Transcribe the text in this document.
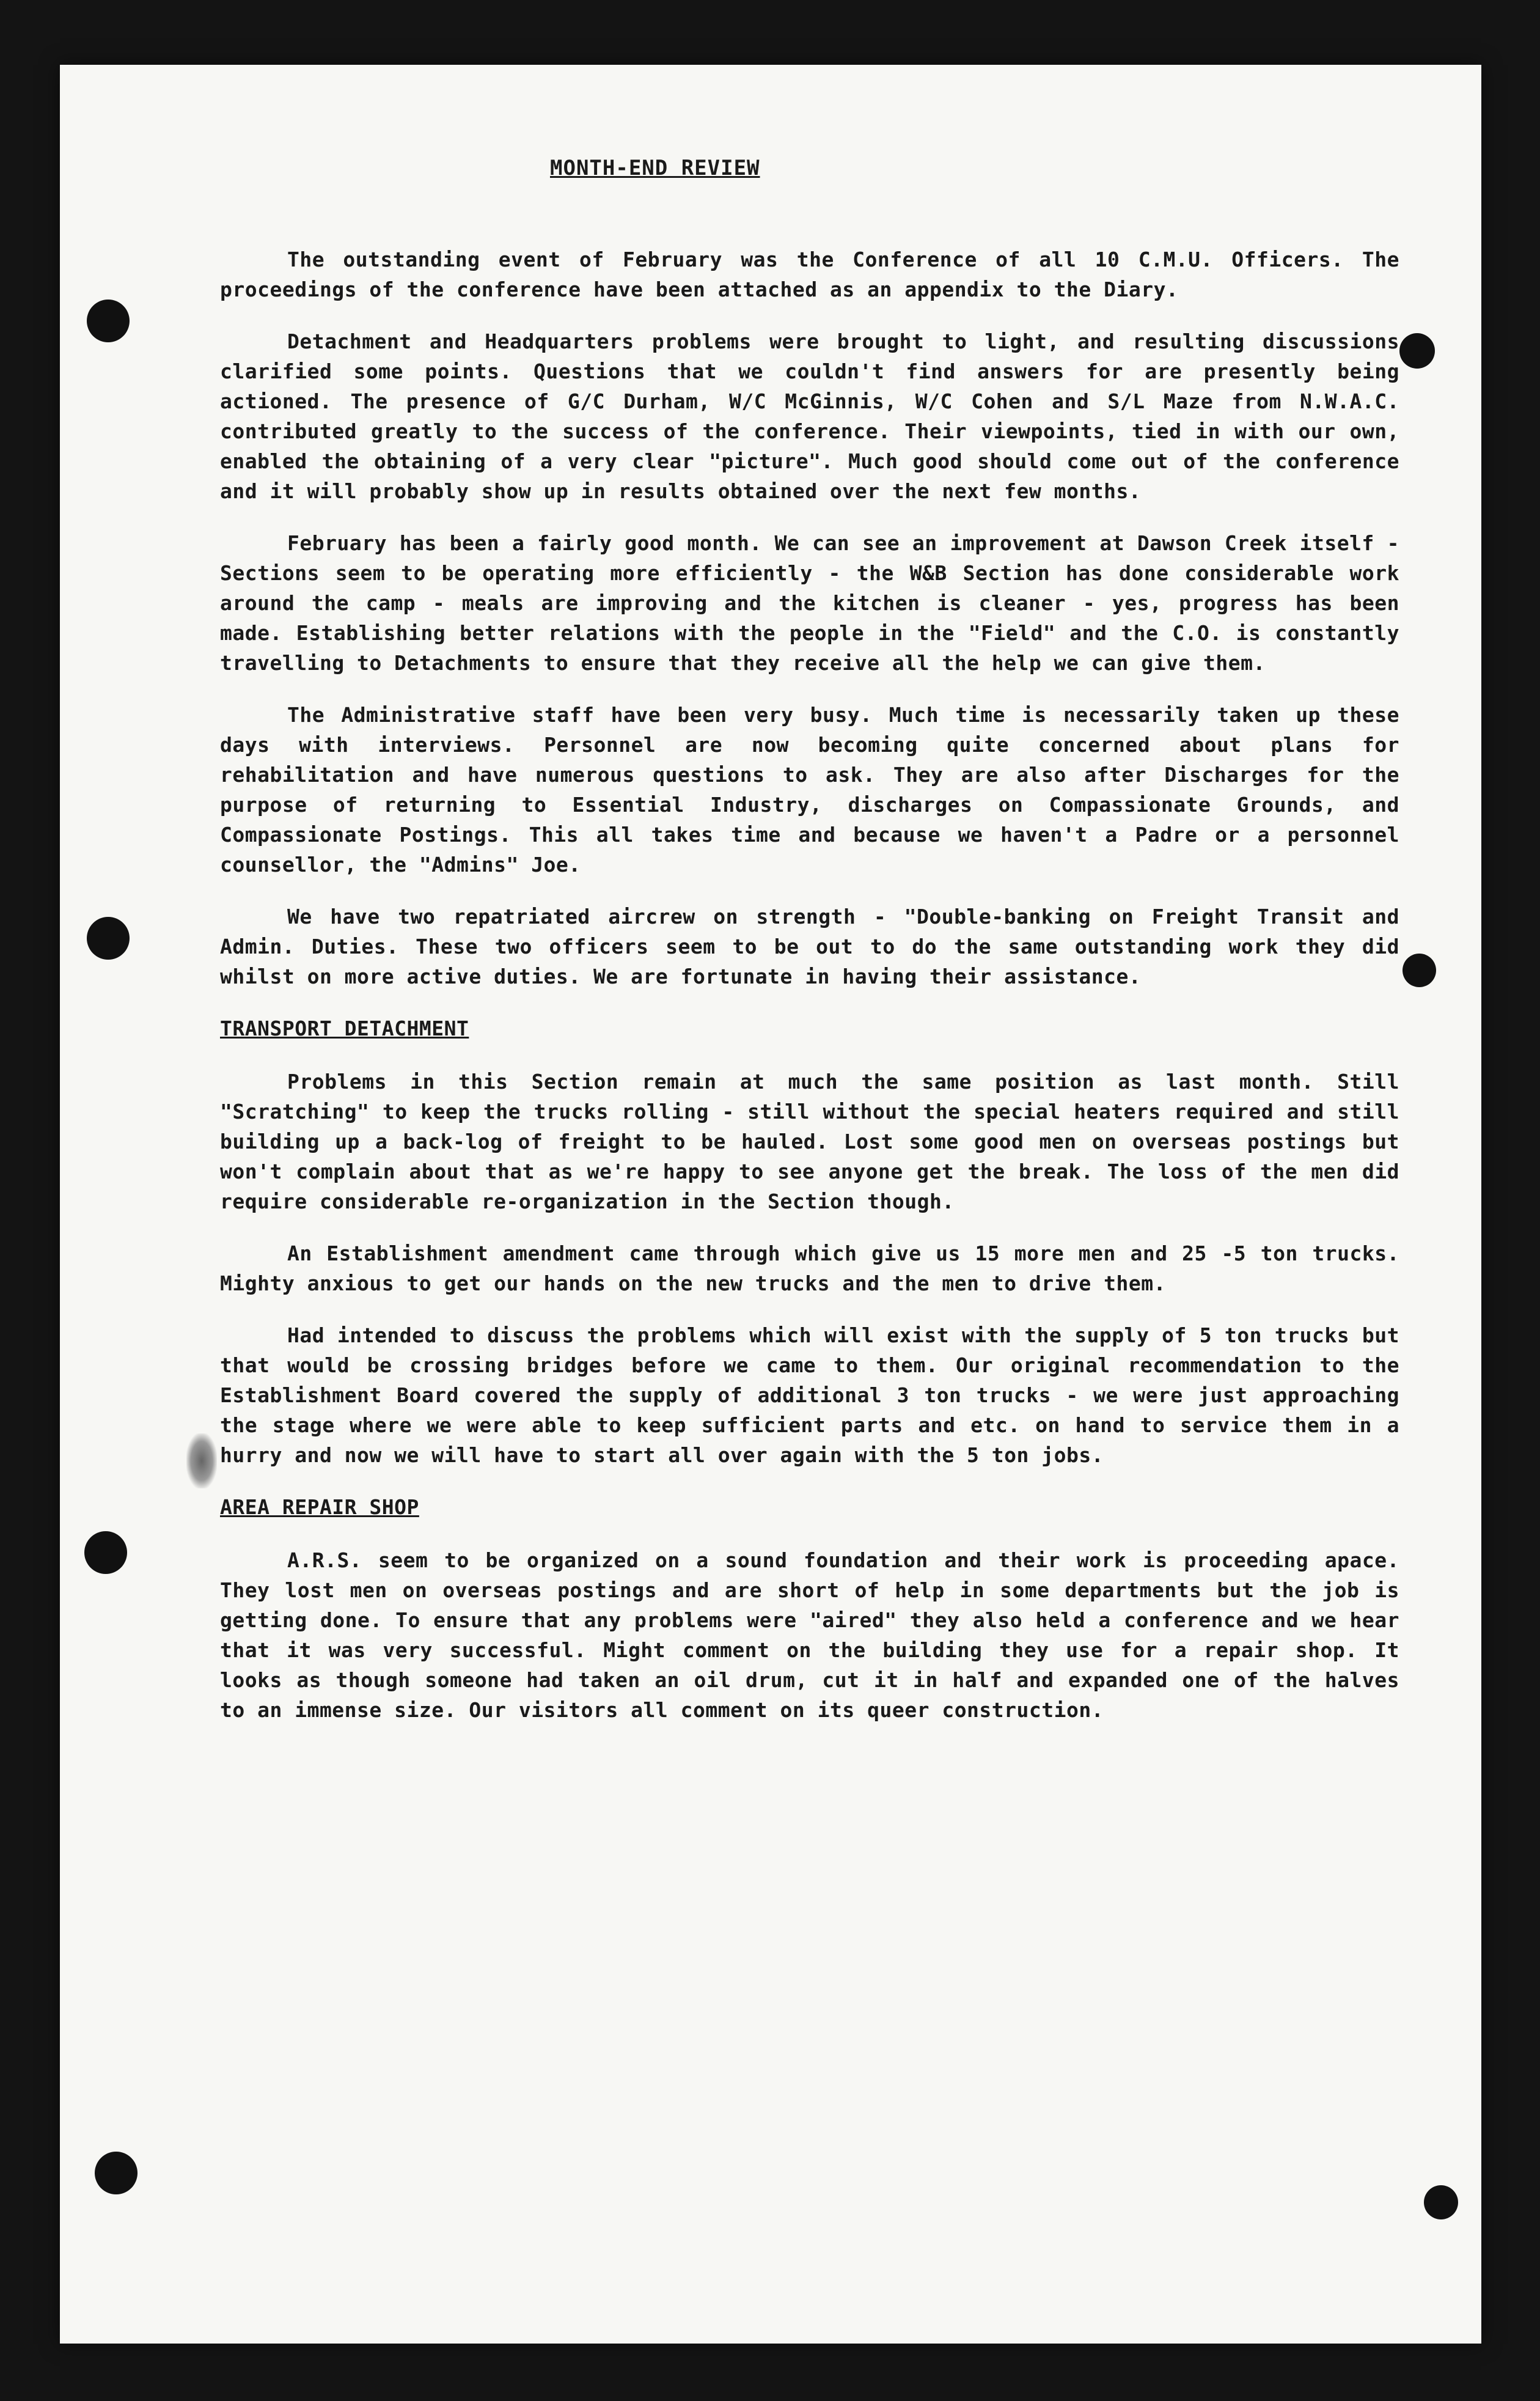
MONTH-END REVIEW

The outstanding event of February was the Conference of all 10 C.M.U. Officers. The proceedings of the conference have been attached as an appendix to the Diary.

Detachment and Headquarters problems were brought to light, and resulting discussions clarified some points. Questions that we couldn't find answers for are presently being actioned. The presence of G/C Durham, W/C McGinnis, W/C Cohen and S/L Maze from N.W.A.C. contributed greatly to the success of the conference. Their viewpoints, tied in with our own, enabled the obtaining of a very clear "picture". Much good should come out of the conference and it will probably show up in results obtained over the next few months.

February has been a fairly good month. We can see an improvement at Dawson Creek itself - Sections seem to be operating more efficiently - the W&B Section has done considerable work around the camp - meals are improving and the kitchen is cleaner - yes, progress has been made. Establishing better relations with the people in the "Field" and the C.O. is constantly travelling to Detachments to ensure that they receive all the help we can give them.

The Administrative staff have been very busy. Much time is necessarily taken up these days with interviews. Personnel are now becoming quite concerned about plans for rehabilitation and have numerous questions to ask. They are also after Discharges for the purpose of returning to Essential Industry, discharges on Compassionate Grounds, and Compassionate Postings. This all takes time and because we haven't a Padre or a personnel counsellor, the "Admins" Joe.

We have two repatriated aircrew on strength - "Double-banking on Freight Transit and Admin. Duties. These two officers seem to be out to do the same outstanding work they did whilst on more active duties. We are fortunate in having their assistance.

TRANSPORT DETACHMENT

Problems in this Section remain at much the same position as last month. Still "Scratching" to keep the trucks rolling - still without the special heaters required and still building up a back-log of freight to be hauled. Lost some good men on overseas postings but won't complain about that as we're happy to see anyone get the break. The loss of the men did require considerable re-organization in the Section though.

An Establishment amendment came through which give us 15 more men and 25 -5 ton trucks. Mighty anxious to get our hands on the new trucks and the men to drive them.

Had intended to discuss the problems which will exist with the supply of 5 ton trucks but that would be crossing bridges before we came to them. Our original recommendation to the Establishment Board covered the supply of additional 3 ton trucks - we were just approaching the stage where we were able to keep sufficient parts and etc. on hand to service them in a hurry and now we will have to start all over again with the 5 ton jobs.

AREA REPAIR SHOP

A.R.S. seem to be organized on a sound foundation and their work is proceeding apace. They lost men on overseas postings and are short of help in some departments but the job is getting done. To ensure that any problems were "aired" they also held a conference and we hear that it was very successful. Might comment on the building they use for a repair shop. It looks as though someone had taken an oil drum, cut it in half and expanded one of the halves to an immense size. Our visitors all comment on its queer construction.
